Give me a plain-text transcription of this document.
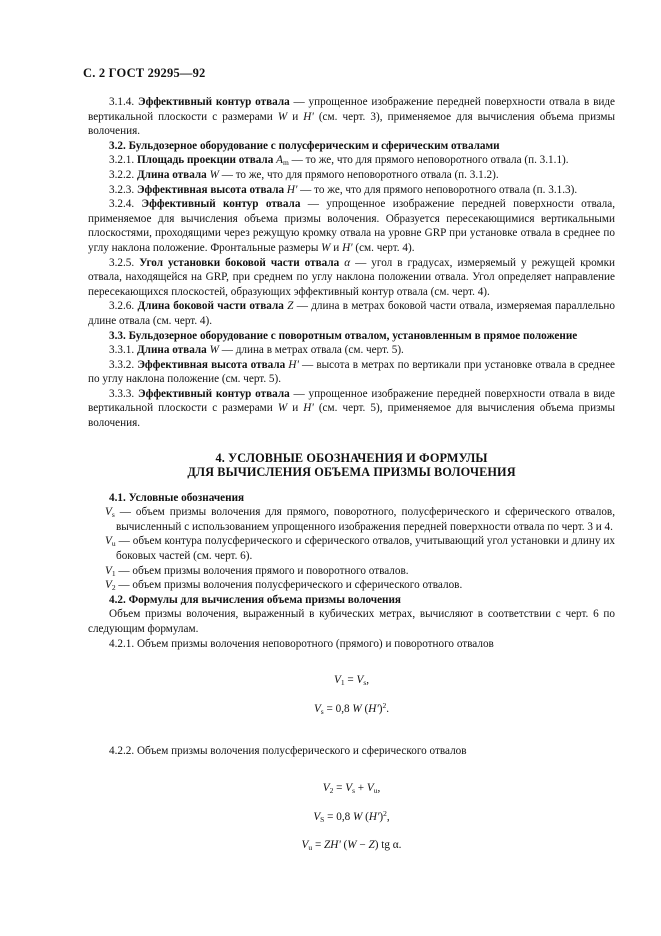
С. 2 ГОСТ 29295—92

3.1.4. Эффективный контур отвала — упрощенное изображение передней поверхности отвала в виде вертикальной плоскости с размерами W и H' (см. черт. 3), применяемое для вычисления объема призмы волочения.

3.2. Бульдозерное оборудование с полусферическим и сферическим отвалами

3.2.1. Площадь проекции отвала $A_m$ — то же, что для прямого неповоротного отвала (п. 3.1.1).

3.2.2. Длина отвала W — то же, что для прямого неповоротного отвала (п. 3.1.2).

3.2.3. Эффективная высота отвала H' — то же, что для прямого неповоротного отвала (п. 3.1.3).

3.2.4. Эффективный контур отвала — упрощенное изображение передней поверхности отвала, применяемое для вычисления объема призмы волочения. Образуется пересекающимися вертикальными плоскостями, проходящими через режущую кромку отвала на уровне GRP при установке отвала в среднее по углу наклона положение. Фронтальные размеры W и H' (см. черт. 4).

3.2.5. Угол установки боковой части отвала α — угол в градусах, измеряемый у режущей кромки отвала, находящейся на GRP, при среднем по углу наклона положении отвала. Угол определяет направление пересекающихся плоскостей, образующих эффективный контур отвала (см. черт. 4).

3.2.6. Длина боковой части отвала Z — длина в метрах боковой части отвала, измеряемая параллельно длине отвала (см. черт. 4).

3.3. Бульдозерное оборудование с поворотным отвалом, установленным в прямое положение

3.3.1. Длина отвала W — длина в метрах отвала (см. черт. 5).

3.3.2. Эффективная высота отвала H' — высота в метрах по вертикали при установке отвала в среднее по углу наклона положение (см. черт. 5).

3.3.3. Эффективный контур отвала — упрощенное изображение передней поверхности отвала в виде вертикальной плоскости с размерами W и H' (см. черт. 5), применяемое для вычисления объема призмы волочения.

4. УСЛОВНЫЕ ОБОЗНАЧЕНИЯ И ФОРМУЛЫ
ДЛЯ ВЫЧИСЛЕНИЯ ОБЪЕМА ПРИЗМЫ ВОЛОЧЕНИЯ

4.1. Условные обозначения

$V_s$ — объем призмы волочения для прямого, поворотного, полусферического и сферического отвалов, вычисленный с использованием упрощенного изображения передней поверхности отвала по черт. 3 и 4.

$V_u$ — объем контура полусферического и сферического отвалов, учитывающий угол установки и длину их боковых частей (см. черт. 6).

$V_1$ — объем призмы волочения прямого и поворотного отвалов.

$V_2$ — объем призмы волочения полусферического и сферического отвалов.

4.2. Формулы для вычисления объема призмы волочения

Объем призмы волочения, выраженный в кубических метрах, вычисляют в соответствии с черт. 6 по следующим формулам.

4.2.1. Объем призмы волочения неповоротного (прямого) и поворотного отвалов

$V_1 = V_s$,

$V_s = 0,8$ W $(H')^2$.

4.2.2. Объем призмы волочения полусферического и сферического отвалов

$V_2 = V_s + V_u$,

$V_S = 0,8$ W $(H')^2$,

$V_u = ZH'$ (W − Z) tg α.
